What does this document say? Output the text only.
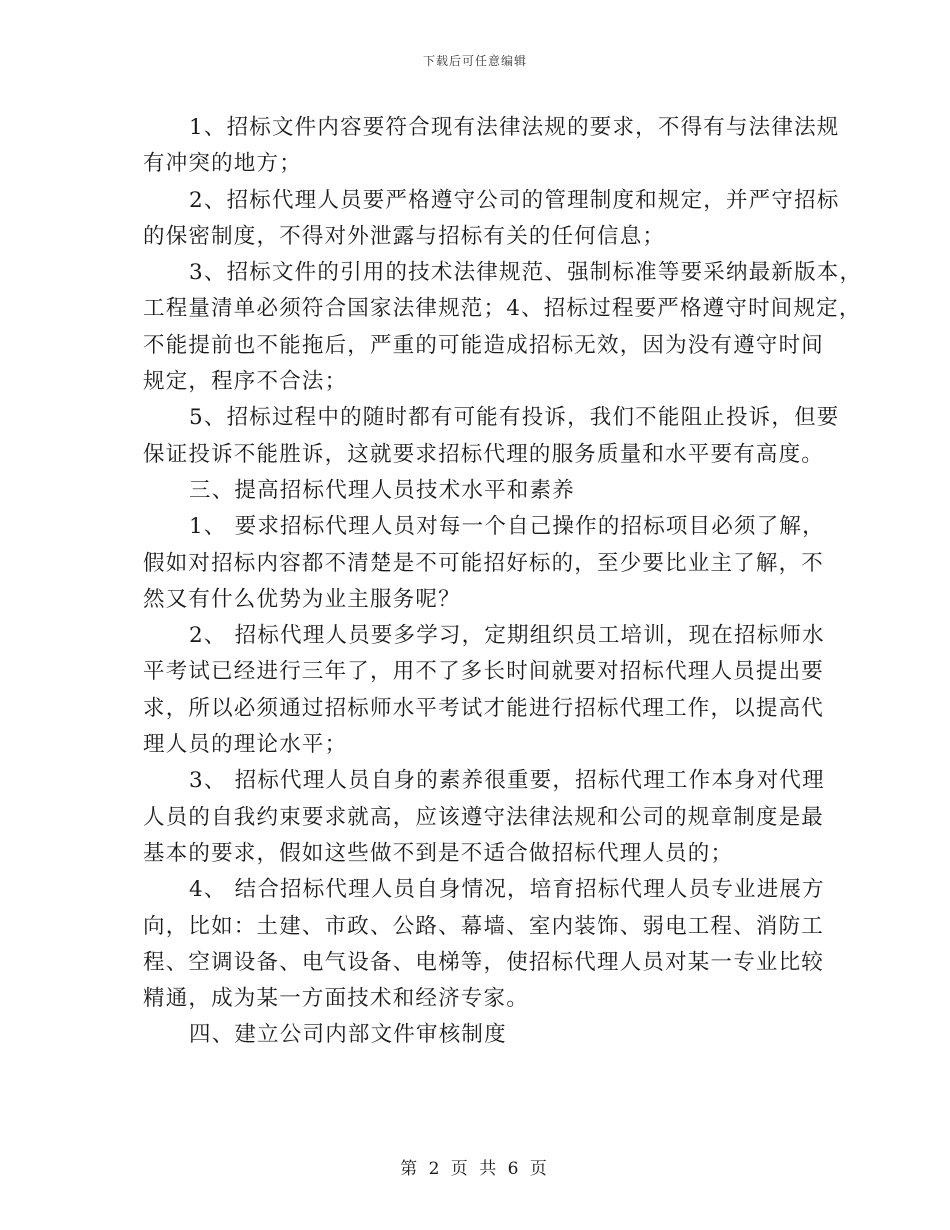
下载后可任意编辑
1、招标文件内容要符合现有法律法规的要求，不得有与法律法规
有冲突的地方；
2、招标代理人员要严格遵守公司的管理制度和规定，并严守招标
的保密制度，不得对外泄露与招标有关的任何信息；
3、招标文件的引用的技术法律规范、强制标准等要采纳最新版本，
工程量清单必须符合国家法律规范；4、招标过程要严格遵守时间规定，
不能提前也不能拖后，严重的可能造成招标无效，因为没有遵守时间
规定，程序不合法；
5、招标过程中的随时都有可能有投诉，我们不能阻止投诉，但要
保证投诉不能胜诉，这就要求招标代理的服务质量和水平要有高度。
三、提高招标代理人员技术水平和素养
1、 要求招标代理人员对每一个自己操作的招标项目必须了解，
假如对招标内容都不清楚是不可能招好标的，至少要比业主了解，不
然又有什么优势为业主服务呢？
2、 招标代理人员要多学习，定期组织员工培训，现在招标师水
平考试已经进行三年了，用不了多长时间就要对招标代理人员提出要
求，所以必须通过招标师水平考试才能进行招标代理工作，以提高代
理人员的理论水平；
3、 招标代理人员自身的素养很重要，招标代理工作本身对代理
人员的自我约束要求就高，应该遵守法律法规和公司的规章制度是最
基本的要求，假如这些做不到是不适合做招标代理人员的；
4、 结合招标代理人员自身情况，培育招标代理人员专业进展方
向，比如：土建、市政、公路、幕墙、室内装饰、弱电工程、消防工
程、空调设备、电气设备、电梯等，使招标代理人员对某一专业比较
精通，成为某一方面技术和经济专家。
四、建立公司内部文件审核制度
第 2 页 共 6 页
